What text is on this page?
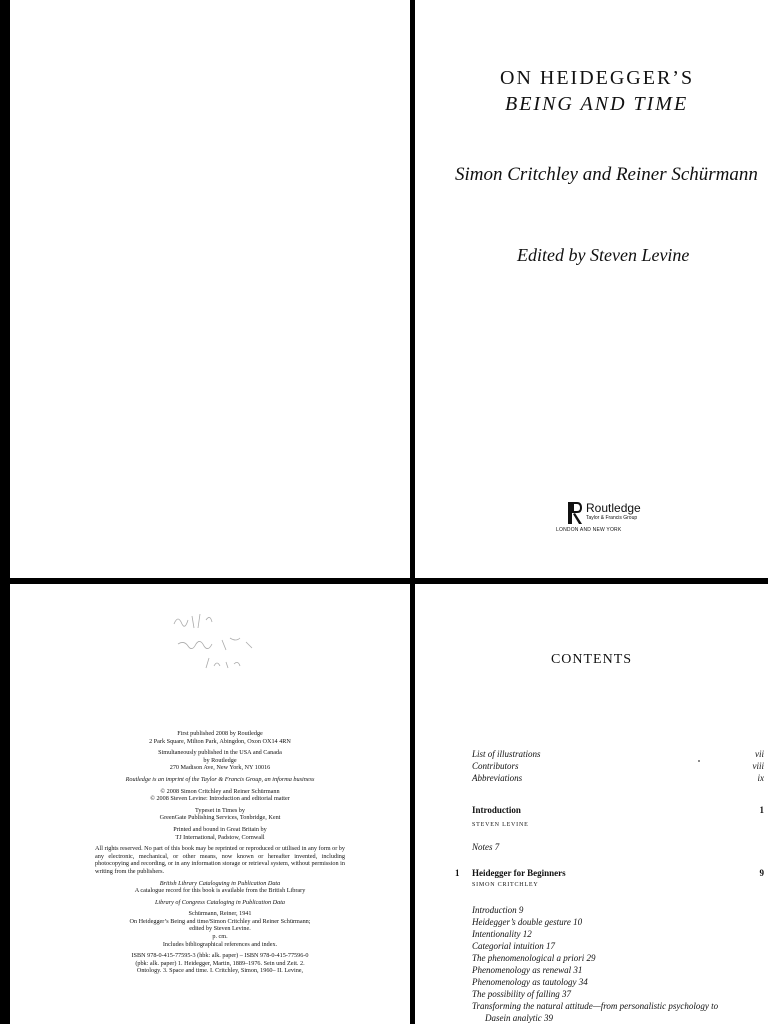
ON HEIDEGGER’S
BEING AND TIME
Simon Critchley and Reiner Schürmann
Edited by Steven Levine
Routledge
Taylor & Francis Group
LONDON AND NEW YORK

First published 2008 by Routledge
2 Park Square, Milton Park, Abingdon, Oxon OX14 4RN

Simultaneously published in the USA and Canada
by Routledge
270 Madison Ave, New York, NY 10016

Routledge is an imprint of the Taylor & Francis Group, an informa business

© 2008 Simon Critchley and Reiner Schürmann
© 2008 Steven Levine: Introduction and editorial matter

Typeset in Times by
GreenGate Publishing Services, Tonbridge, Kent

Printed and bound in Great Britain by
TJ International, Padstow, Cornwall

All rights reserved. No part of this book may be reprinted or reproduced or utilised in any form or by any electronic, mechanical, or other means, now known or hereafter invented, including photocopying and recording, or in any information storage or retrieval system, without permission in writing from the publishers.

British Library Cataloguing in Publication Data
A catalogue record for this book is available from the British Library

Library of Congress Cataloging in Publication Data

Schürmann, Reiner, 1941
On Heidegger’s Being and time/Simon Critchley and Reiner Schürmann;
edited by Steven Levine.
p. cm.
Includes bibliographical references and index.

ISBN 978-0-415-77595-3 (hbk: alk. paper) – ISBN 978-0-415-77596-0
(pbk: alk. paper) 1. Heidegger, Martin, 1889–1976. Sein und Zeit. 2.
Ontology. 3. Space and time. I. Critchley, Simon, 1960– II. Levine,

CONTENTS
List of illustrations	vii
Contributors	viii
Abbreviations	ix
Introduction	1
STEVEN LEVINE
Notes 7
1 Heidegger for Beginners	9
SIMON CRITCHLEY
Introduction 9
Heidegger’s double gesture 10
Intentionality 12
Categorial intuition 17
The phenomenological a priori 29
Phenomenology as renewal 31
Phenomenology as tautology 34
The possibility of falling 37
Transforming the natural attitude—from personalistic psychology to
Dasein analytic 39
